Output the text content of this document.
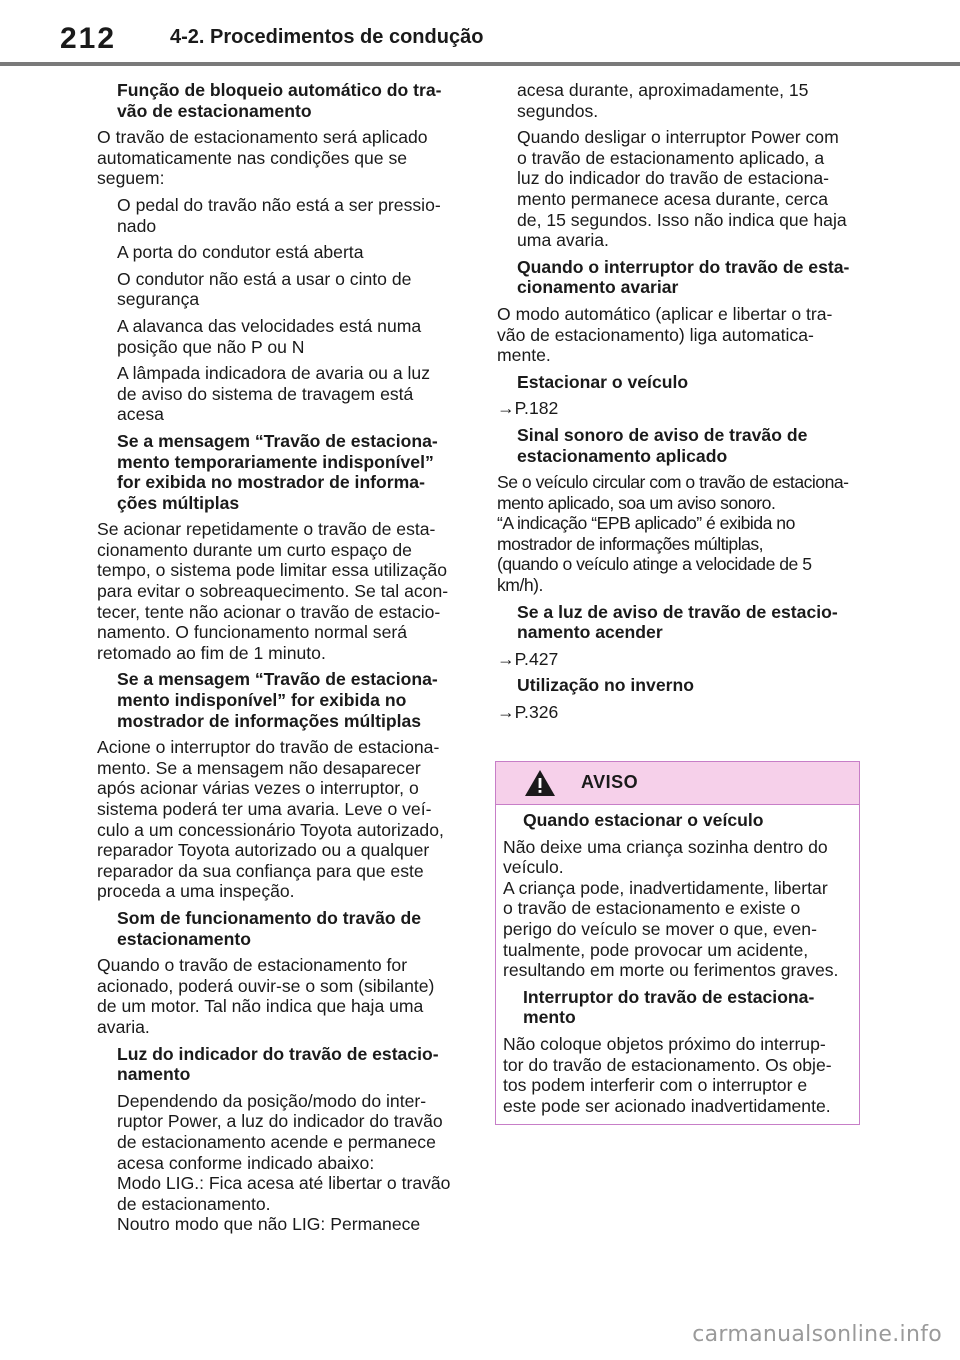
212	4-2. Procedimentos de condução

Função de bloqueio automático do tra-
vão de estacionamento

O travão de estacionamento será aplicado
automaticamente nas condições que se
seguem:

O pedal do travão não está a ser pressio-
nado

A porta do condutor está aberta

O condutor não está a usar o cinto de
segurança

A alavanca das velocidades está numa
posição que não P ou N

A lâmpada indicadora de avaria ou a luz
de aviso do sistema de travagem está
acesa

Se a mensagem “Travão de estaciona-
mento temporariamente indisponível”
for exibida no mostrador de informa-
ções múltiplas

Se acionar repetidamente o travão de esta-
cionamento durante um curto espaço de
tempo, o sistema pode limitar essa utilização
para evitar o sobreaquecimento. Se tal acon-
tecer, tente não acionar o travão de estacio-
namento. O funcionamento normal será
retomado ao fim de 1 minuto.

Se a mensagem “Travão de estaciona-
mento indisponível” for exibida no
mostrador de informações múltiplas

Acione o interruptor do travão de estaciona-
mento. Se a mensagem não desaparecer
após acionar várias vezes o interruptor, o
sistema poderá ter uma avaria. Leve o veí-
culo a um concessionário Toyota autorizado,
reparador Toyota autorizado ou a qualquer
reparador da sua confiança para que este
proceda a uma inspeção.

Som de funcionamento do travão de
estacionamento

Quando o travão de estacionamento for
acionado, poderá ouvir-se o som (sibilante)
de um motor. Tal não indica que haja uma
avaria.

Luz do indicador do travão de estacio-
namento

Dependendo da posição/modo do inter-
ruptor Power, a luz do indicador do travão
de estacionamento acende e permanece
acesa conforme indicado abaixo:
Modo LIG.: Fica acesa até libertar o travão
de estacionamento.
Noutro modo que não LIG: Permanece

acesa durante, aproximadamente, 15
segundos.

Quando desligar o interruptor Power com
o travão de estacionamento aplicado, a
luz do indicador do travão de estaciona-
mento permanece acesa durante, cerca
de, 15 segundos. Isso não indica que haja
uma avaria.

Quando o interruptor do travão de esta-
cionamento avariar

O modo automático (aplicar e libertar o tra-
vão de estacionamento) liga automatica-
mente.

Estacionar o veículo

→P.182

Sinal sonoro de aviso de travão de
estacionamento aplicado

Se o veículo circular com o travão de estaciona-
mento aplicado, soa um aviso sonoro.
“A indicação “EPB aplicado” é exibida no
mostrador de informações múltiplas,
(quando o veículo atinge a velocidade de 5
km/h).

Se a luz de aviso de travão de estacio-
namento acender

→P.427

Utilização no inverno

→P.326

AVISO

Quando estacionar o veículo

Não deixe uma criança sozinha dentro do
veículo.
A criança pode, inadvertidamente, libertar
o travão de estacionamento e existe o
perigo do veículo se mover o que, even-
tualmente, pode provocar um acidente,
resultando em morte ou ferimentos graves.

Interruptor do travão de estaciona-
mento

Não coloque objetos próximo do interrup-
tor do travão de estacionamento. Os obje-
tos podem interferir com o interruptor e
este pode ser acionado inadvertidamente.

carmanualsonline.info
